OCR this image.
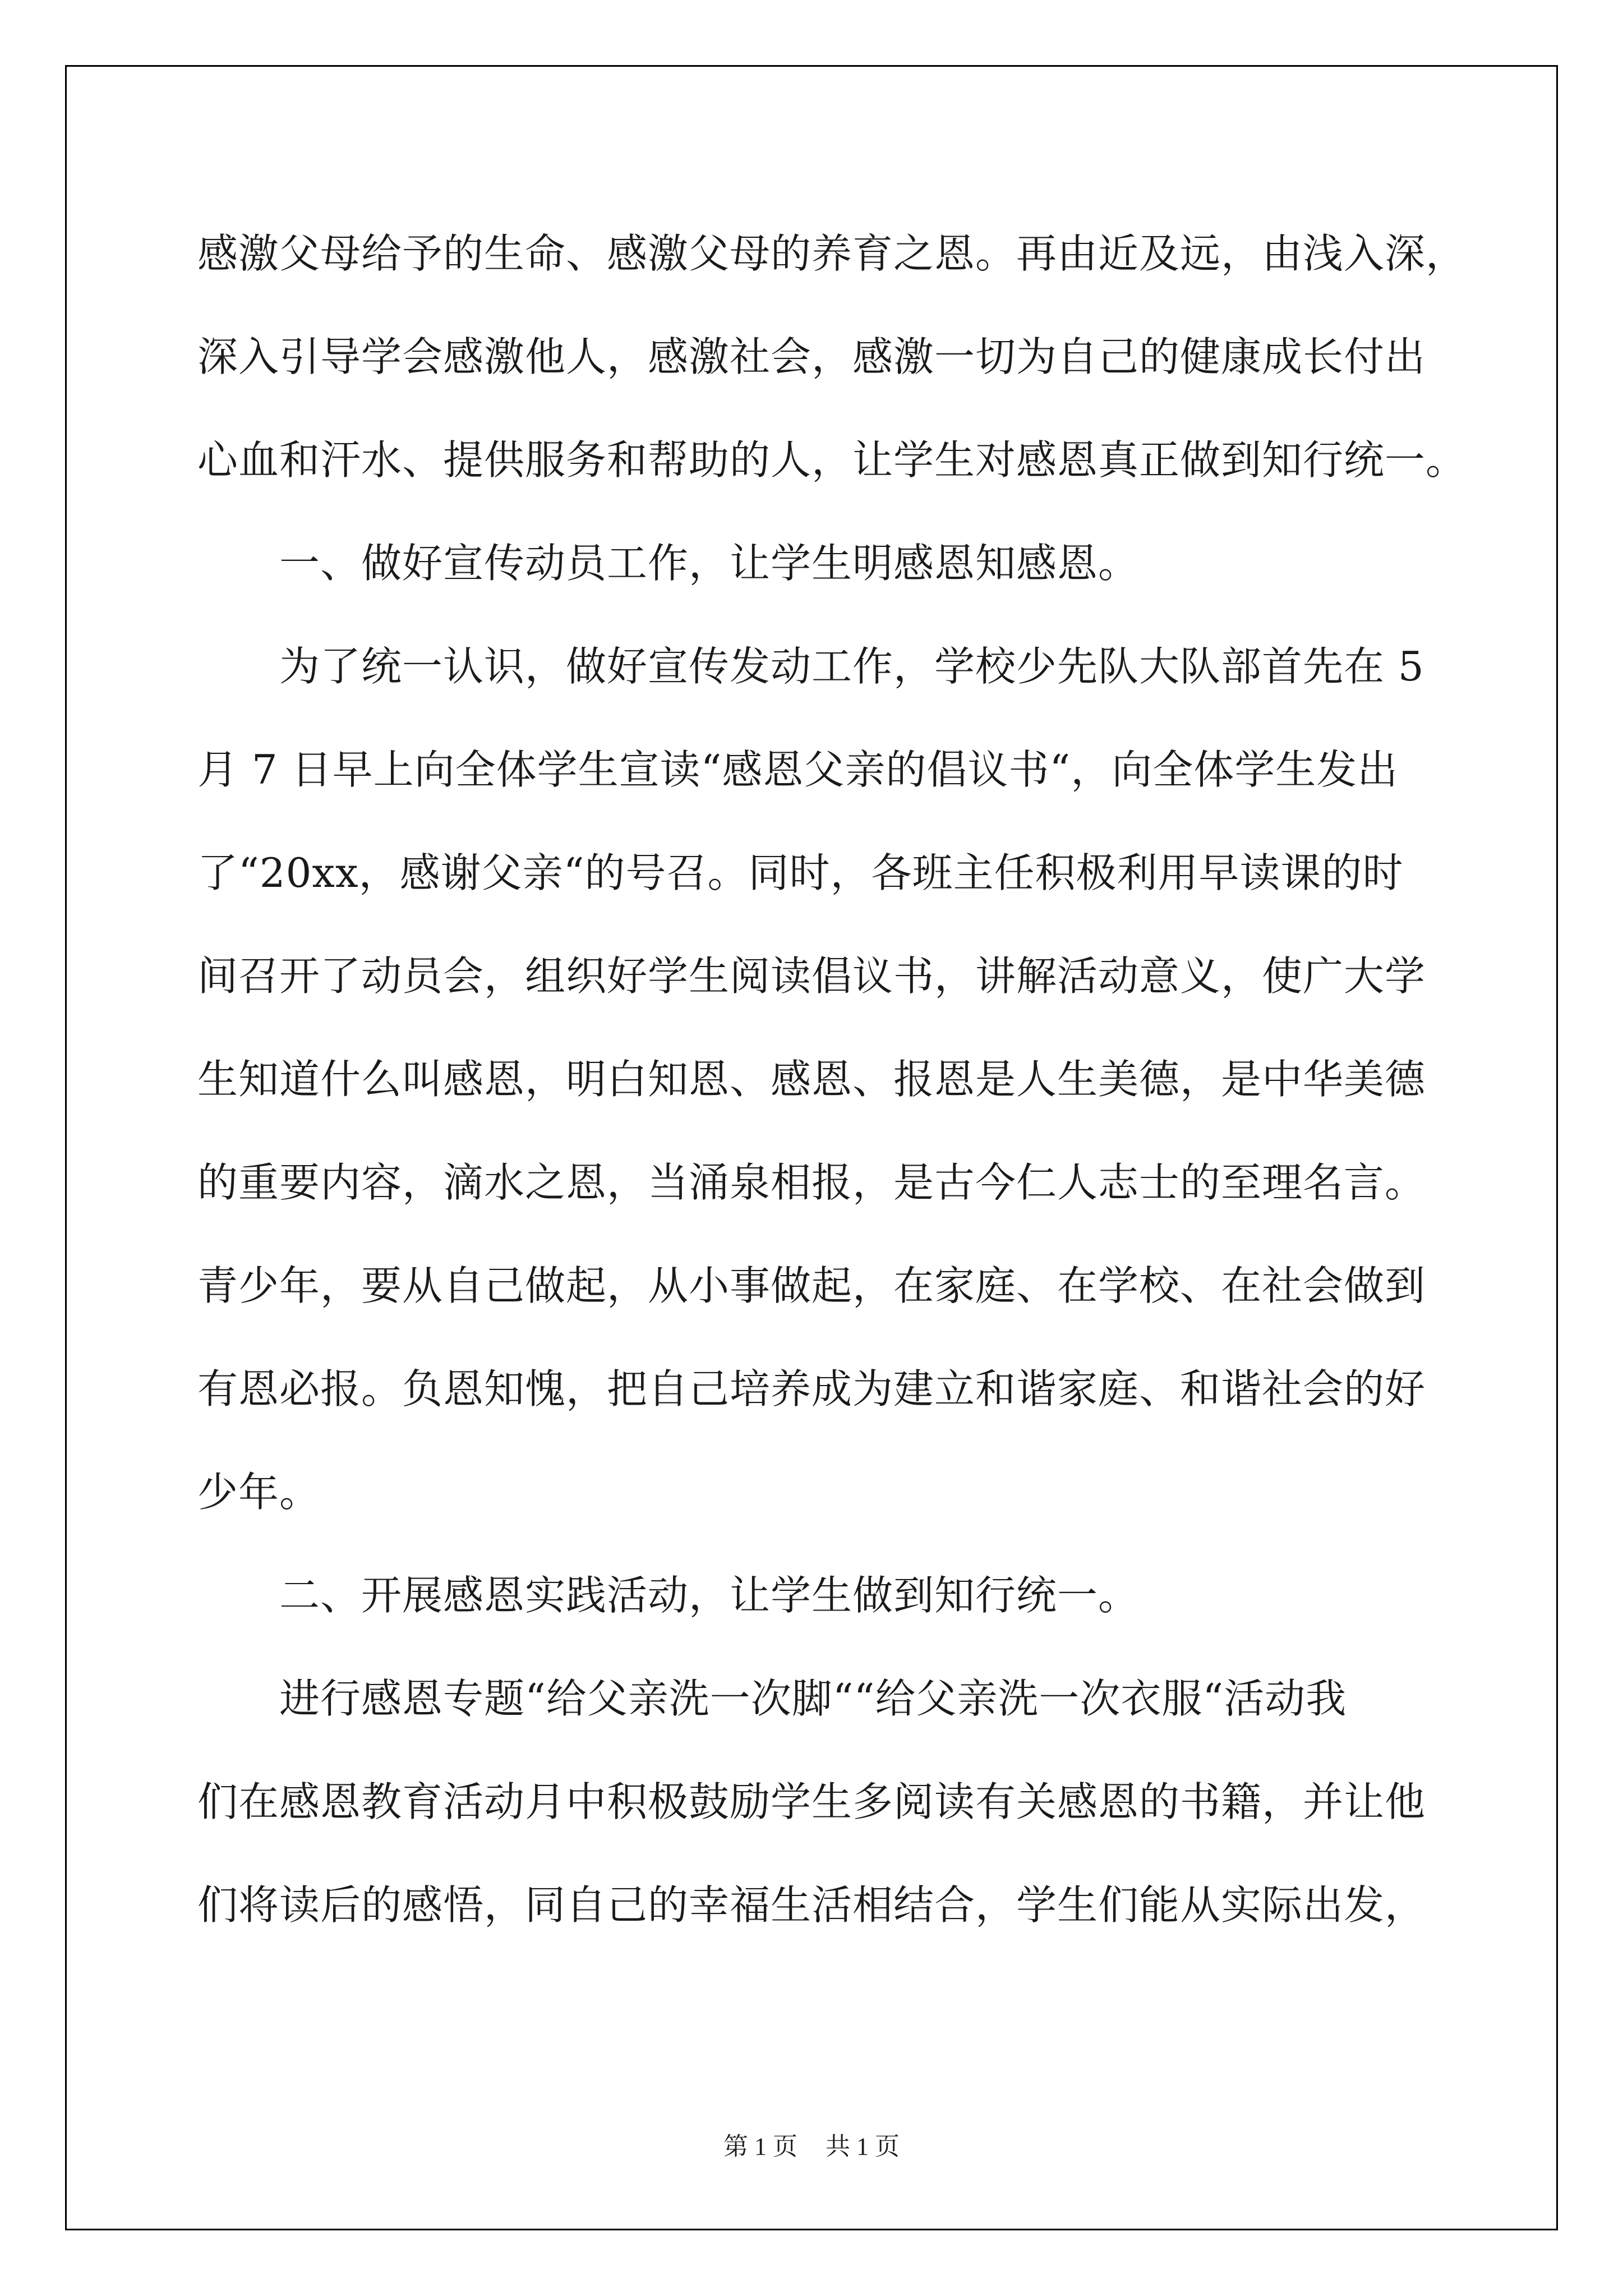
感激父母给予的生命、感激父母的养育之恩。再由近及远，由浅入深，

深入引导学会感激他人，感激社会，感激一切为自己的健康成长付出

心血和汗水、提供服务和帮助的人，让学生对感恩真正做到知行统一。

一、做好宣传动员工作，让学生明感恩知感恩。

为了统一认识，做好宣传发动工作，学校少先队大队部首先在 5

月 7 日早上向全体学生宣读“感恩父亲的倡议书“，向全体学生发出

了“20xx，感谢父亲“的号召。同时，各班主任积极利用早读课的时

间召开了动员会，组织好学生阅读倡议书，讲解活动意义，使广大学

生知道什么叫感恩，明白知恩、感恩、报恩是人生美德，是中华美德

的重要内容，滴水之恩，当涌泉相报，是古今仁人志士的至理名言。

青少年，要从自己做起，从小事做起，在家庭、在学校、在社会做到

有恩必报。负恩知愧，把自己培养成为建立和谐家庭、和谐社会的好

少年。

二、开展感恩实践活动，让学生做到知行统一。

进行感恩专题“给父亲洗一次脚““给父亲洗一次衣服“活动我

们在感恩教育活动月中积极鼓励学生多阅读有关感恩的书籍，并让他

们将读后的感悟，同自己的幸福生活相结合，学生们能从实际出发，

第 1 页 共 1 页
